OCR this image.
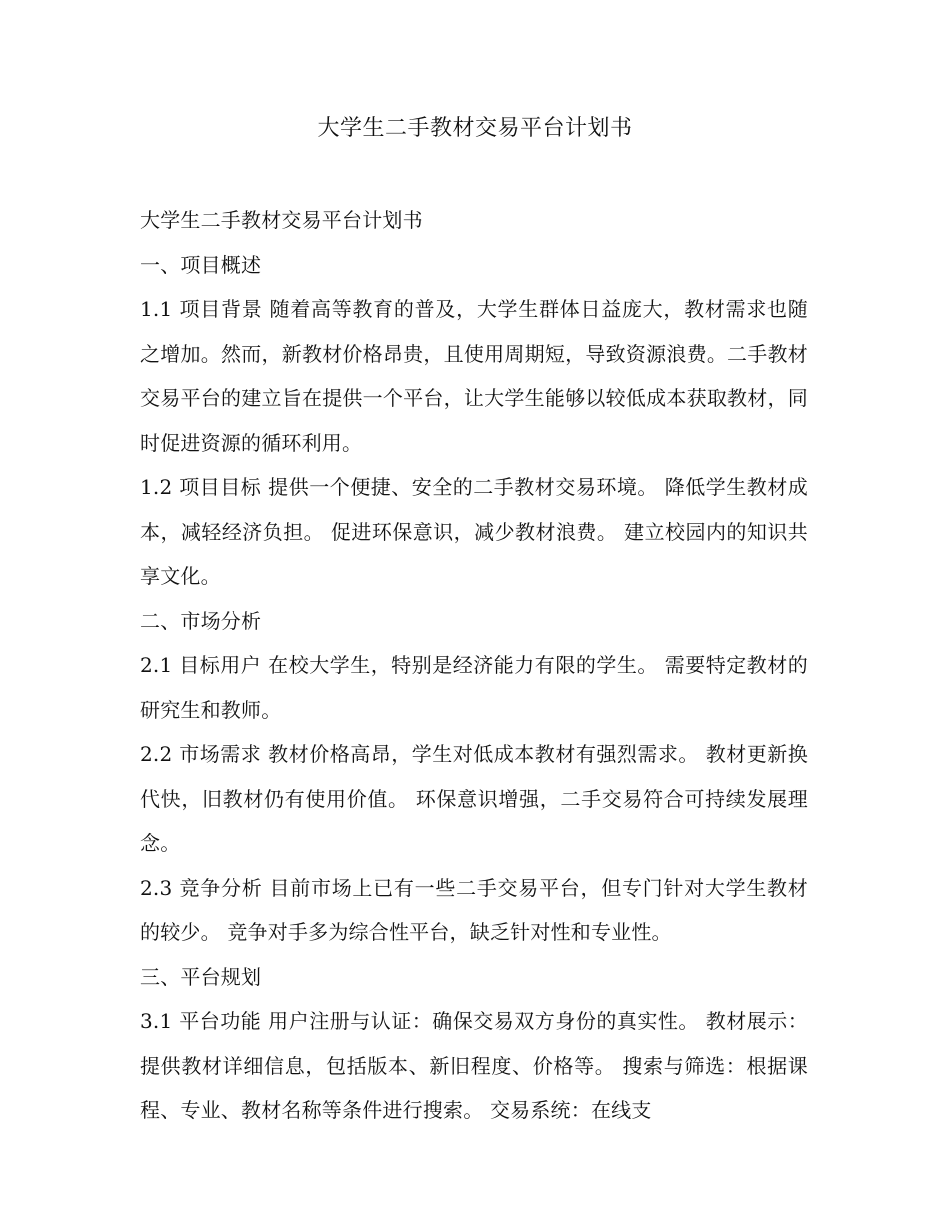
大学生二手教材交易平台计划书

大学生二手教材交易平台计划书

一、项目概述

1.1 项目背景 随着高等教育的普及，大学生群体日益庞大，教材需求也随之增加。然而，新教材价格昂贵，且使用周期短，导致资源浪费。二手教材交易平台的建立旨在提供一个平台，让大学生能够以较低成本获取教材，同时促进资源的循环利用。

1.2 项目目标 提供一个便捷、安全的二手教材交易环境。 降低学生教材成本，减轻经济负担。 促进环保意识，减少教材浪费。 建立校园内的知识共享文化。

二、市场分析

2.1 目标用户 在校大学生，特别是经济能力有限的学生。 需要特定教材的研究生和教师。

2.2 市场需求 教材价格高昂，学生对低成本教材有强烈需求。 教材更新换代快，旧教材仍有使用价值。 环保意识增强，二手交易符合可持续发展理念。

2.3 竞争分析 目前市场上已有一些二手交易平台，但专门针对大学生教材的较少。 竞争对手多为综合性平台，缺乏针对性和专业性。

三、平台规划

3.1 平台功能 用户注册与认证：确保交易双方身份的真实性。 教材展示：提供教材详细信息，包括版本、新旧程度、价格等。 搜索与筛选：根据课程、专业、教材名称等条件进行搜索。 交易系统：在线支
